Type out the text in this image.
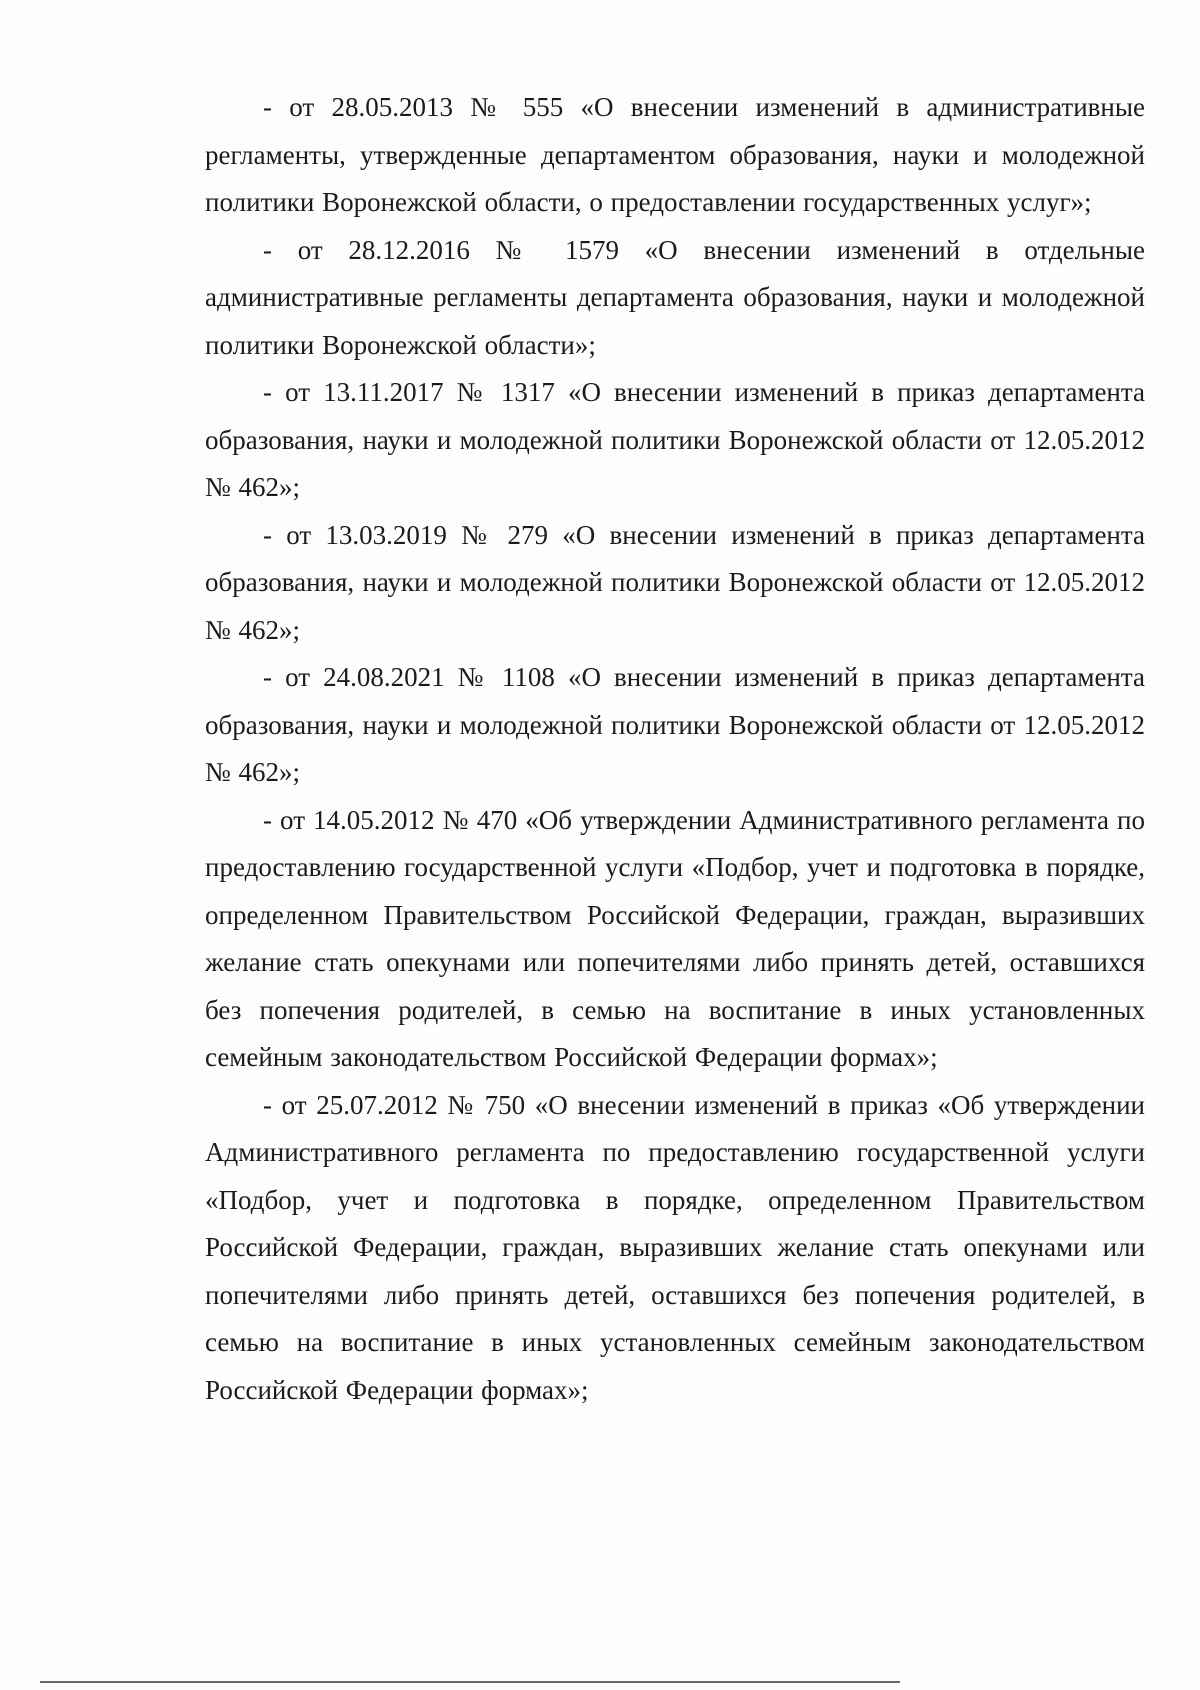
- от 28.05.2013 № 555 «О внесении изменений в административные регламенты, утвержденные департаментом образования, науки и молодежной политики Воронежской области, о предоставлении государственных услуг»;

- от 28.12.2016 № 1579 «О внесении изменений в отдельные административные регламенты департамента образования, науки и молодежной политики Воронежской области»;

- от 13.11.2017 № 1317 «О внесении изменений в приказ департамента образования, науки и молодежной политики Воронежской области от 12.05.2012 № 462»;

- от 13.03.2019 № 279 «О внесении изменений в приказ департамента образования, науки и молодежной политики Воронежской области от 12.05.2012 № 462»;

- от 24.08.2021 № 1108 «О внесении изменений в приказ департамента образования, науки и молодежной политики Воронежской области от 12.05.2012 № 462»;

- от 14.05.2012 № 470 «Об утверждении Административного регламента по предоставлению государственной услуги «Подбор, учет и подготовка в порядке, определенном Правительством Российской Федерации, граждан, выразивших желание стать опекунами или попечителями либо принять детей, оставшихся без попечения родителей, в семью на воспитание в иных установленных семейным законодательством Российской Федерации формах»;

- от 25.07.2012 № 750 «О внесении изменений в приказ «Об утверждении Административного регламента по предоставлению государственной услуги «Подбор, учет и подготовка в порядке, определенном Правительством Российской Федерации, граждан, выразивших желание стать опекунами или попечителями либо принять детей, оставшихся без попечения родителей, в семью на воспитание в иных установленных семейным законодательством Российской Федерации формах»;
